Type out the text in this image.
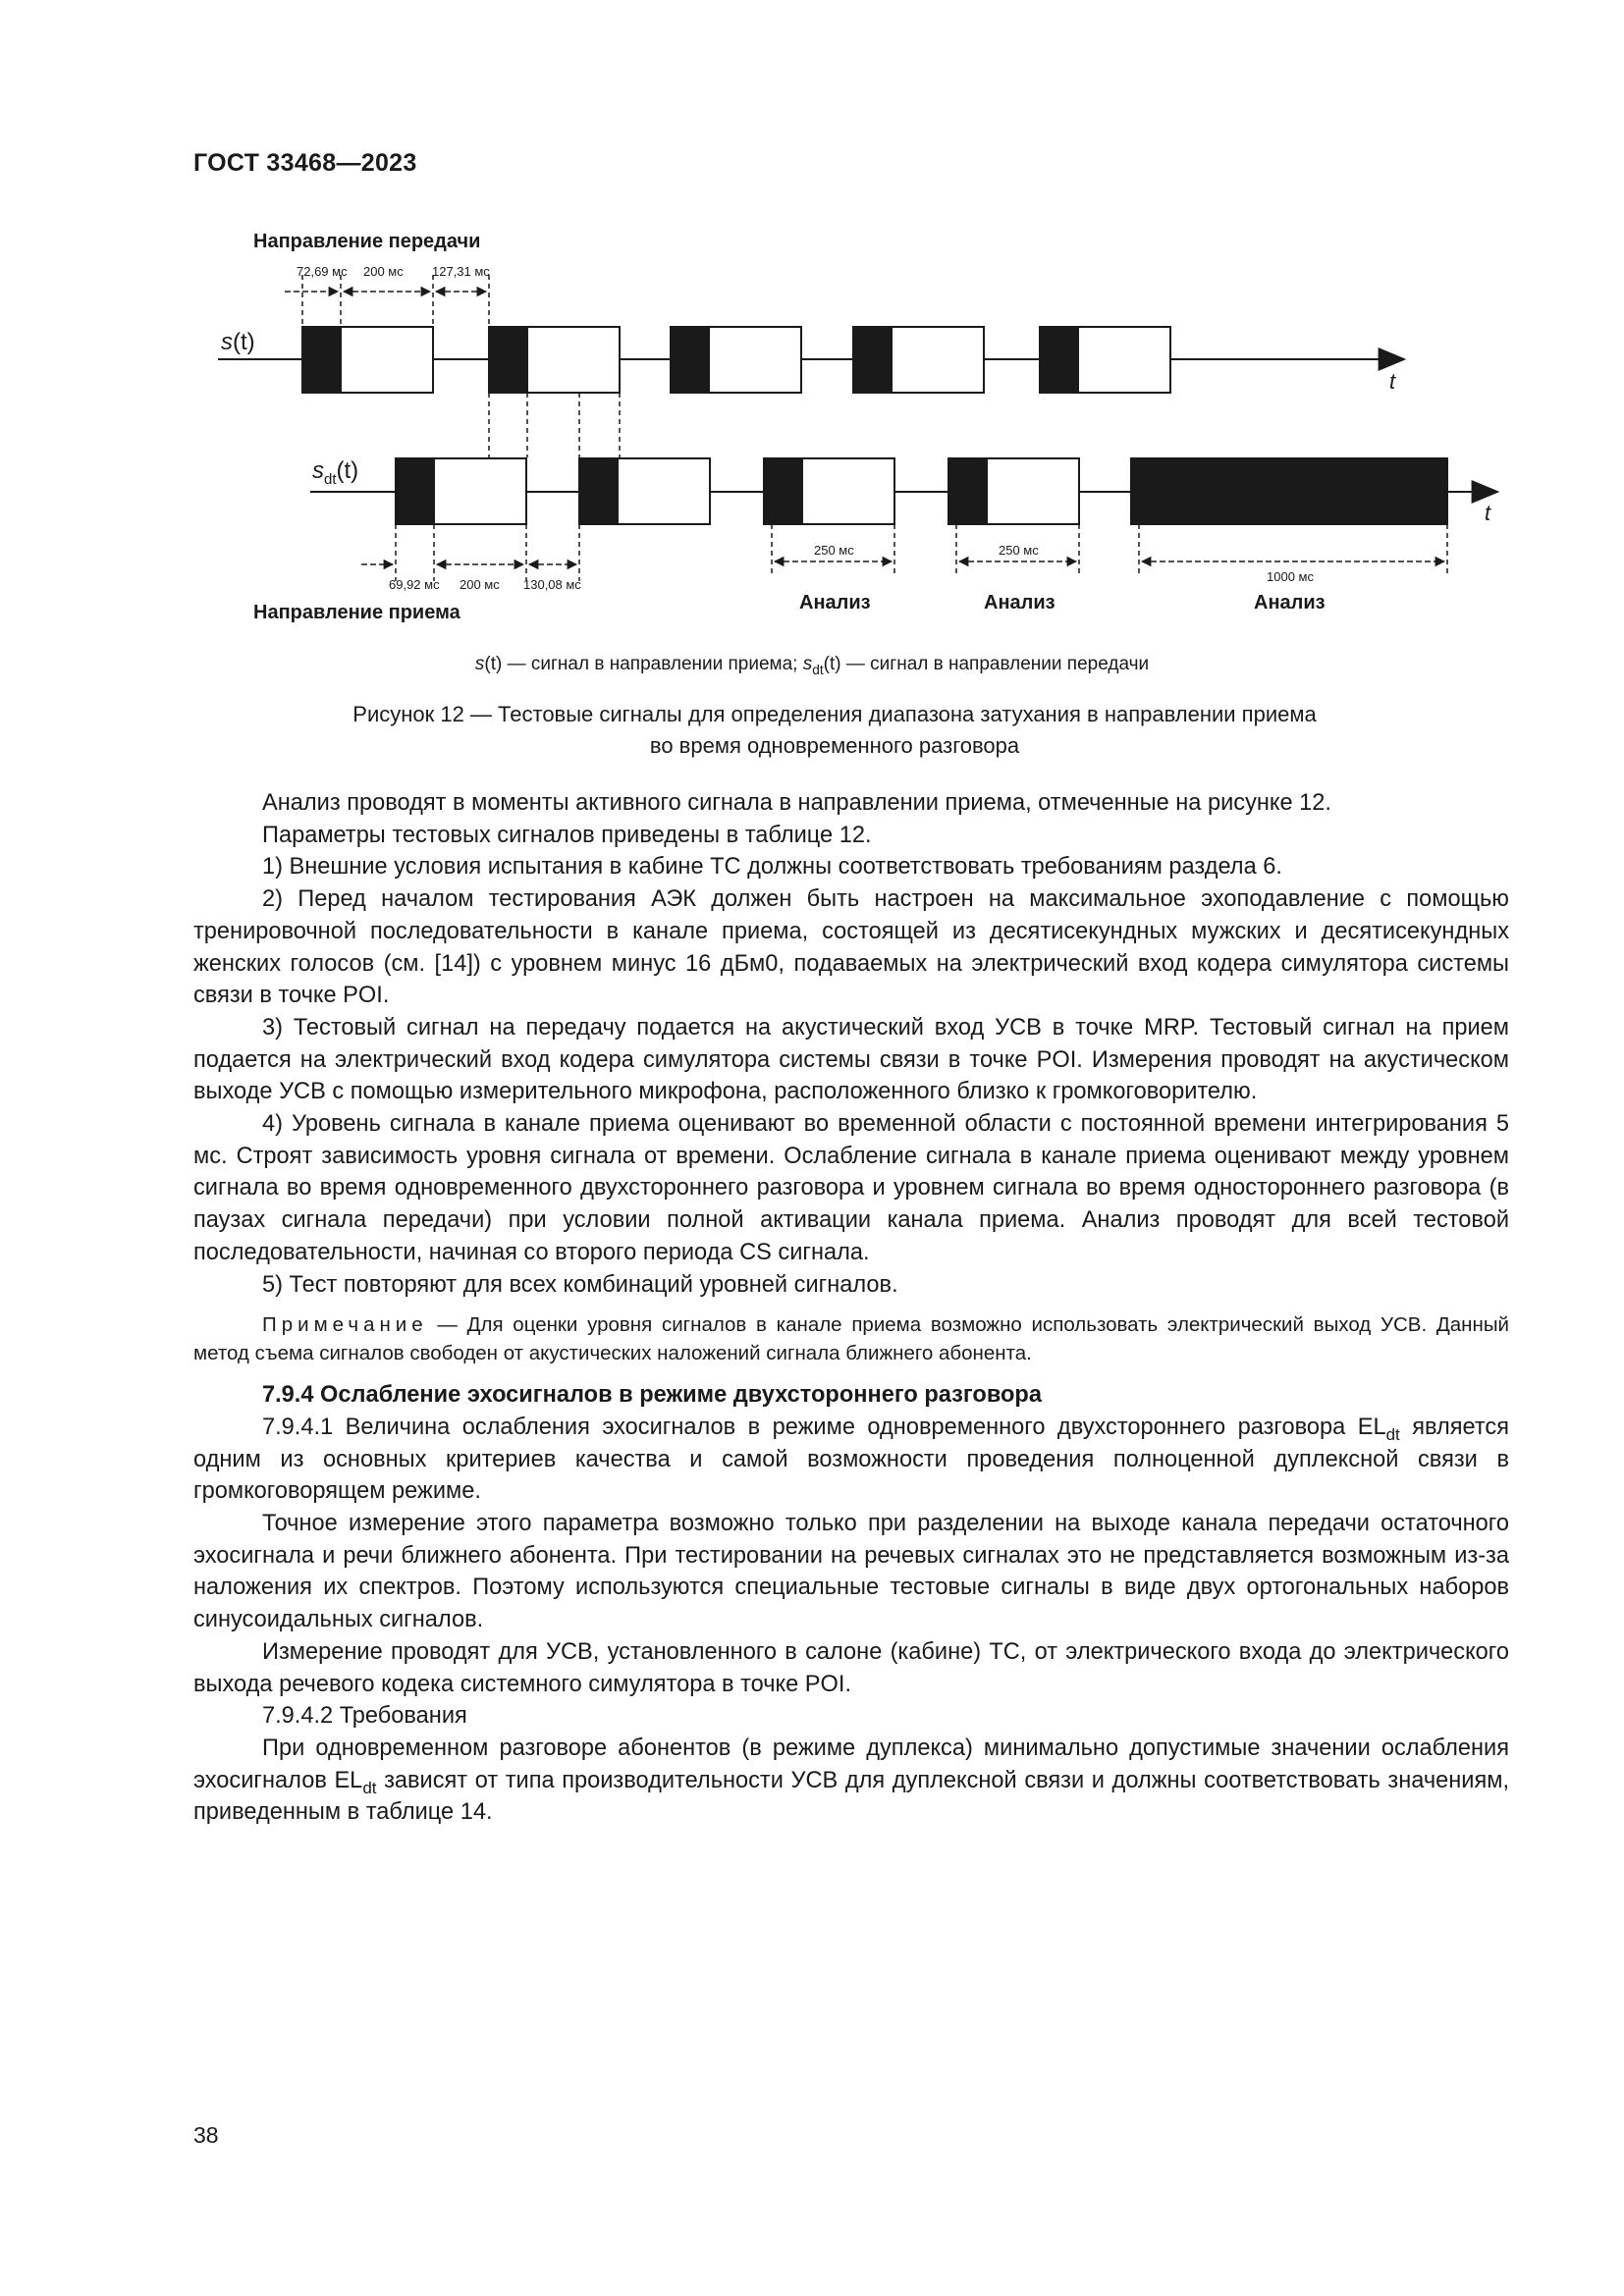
ГОСТ 33468—2023
Направление передачи
72,69 мс 200 мс 127,31 мс
s(t)
t
$s_{dt}(t)$
t
69,92 мс 200 мс 130,08 мс
Направление приема
250 мс	250 мс
1000 мс
Анализ	Анализ	Анализ
s(t) — сигнал в направлении приема; $s_{dt}(t)$ — сигнал в направлении передачи
Рисунок 12 — Тестовые сигналы для определения диапазона затухания в направлении приема
во время одновременного разговора

Анализ проводят в моменты активного сигнала в направлении приема, отмеченные на рисунке 12.

Параметры тестовых сигналов приведены в таблице 12.

1) Внешние условия испытания в кабине ТС должны соответствовать требованиям раздела 6.

2) Перед началом тестирования АЭК должен быть настроен на максимальное эхоподавление с помощью тренировочной последовательности в канале приема, состоящей из десятисекундных мужских и десятисекундных женских голосов (см. [14]) с уровнем минус 16 дБм0, подаваемых на электрический вход кодера симулятора системы связи в точке POI.

3) Тестовый сигнал на передачу подается на акустический вход УСВ в точке MRP. Тестовый сигнал на прием подается на электрический вход кодера симулятора системы связи в точке POI. Измерения проводят на акустическом выходе УСВ с помощью измерительного микрофона, расположенного близко к громкоговорителю.

4) Уровень сигнала в канале приема оценивают во временной области с постоянной времени интегрирования 5 мс. Строят зависимость уровня сигнала от времени. Ослабление сигнала в канале приема оценивают между уровнем сигнала во время одновременного двухстороннего разговора и уровнем сигнала во время одностороннего разговора (в паузах сигнала передачи) при условии полной активации канала приема. Анализ проводят для всей тестовой последовательности, начиная со второго периода CS сигнала.

5) Тест повторяют для всех комбинаций уровней сигналов.

Примечание — Для оценки уровня сигналов в канале приема возможно использовать электрический выход УСВ. Данный метод съема сигналов свободен от акустических наложений сигнала ближнего абонента.

7.9.4 Ослабление эхосигналов в режиме двухстороннего разговора

7.9.4.1 Величина ослабления эхосигналов в режиме одновременного двухстороннего разговора $EL_{dt}$ является одним из основных критериев качества и самой возможности проведения полноценной дуплексной связи в громкоговорящем режиме.

Точное измерение этого параметра возможно только при разделении на выходе канала передачи остаточного эхосигнала и речи ближнего абонента. При тестировании на речевых сигналах это не представляется возможным из-за наложения их спектров. Поэтому используются специальные тестовые сигналы в виде двух ортогональных наборов синусоидальных сигналов.

Измерение проводят для УСВ, установленного в салоне (кабине) ТС, от электрического входа до электрического выхода речевого кодека системного симулятора в точке POI.

7.9.4.2 Требования

При одновременном разговоре абонентов (в режиме дуплекса) минимально допустимые значении ослабления эхосигналов $EL_{dt}$ зависят от типа производительности УСВ для дуплексной связи и должны соответствовать значениям, приведенным в таблице 14.

38
